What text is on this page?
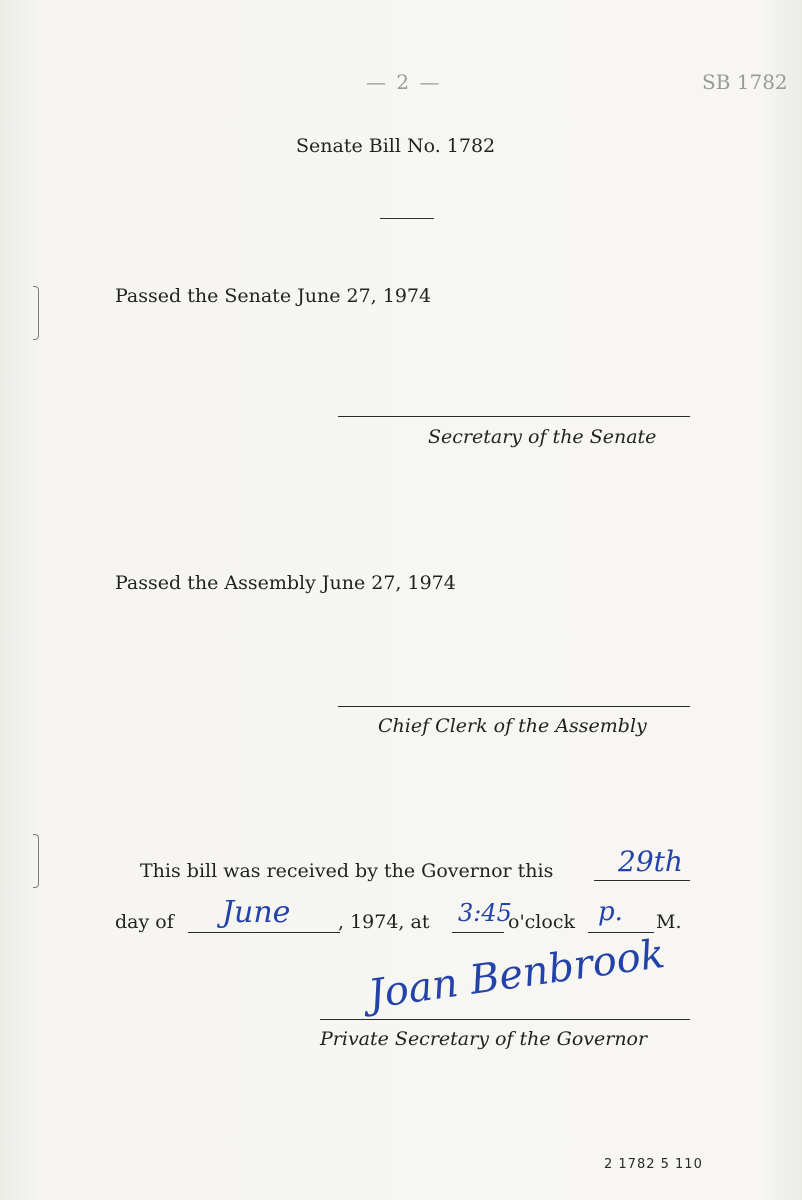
— 2 —	SB 1782
Senate Bill No. 1782
Passed the Senate June 27, 1974
Secretary of the Senate
Passed the Assembly June 27, 1974
Chief Clerk of the Assembly
This bill was received by the Governor this 29th
day of June	, 1974, at 3:45
o'clock p. M.
Joan Benbrook
Private Secretary of the Governor
2 1782 5 110
